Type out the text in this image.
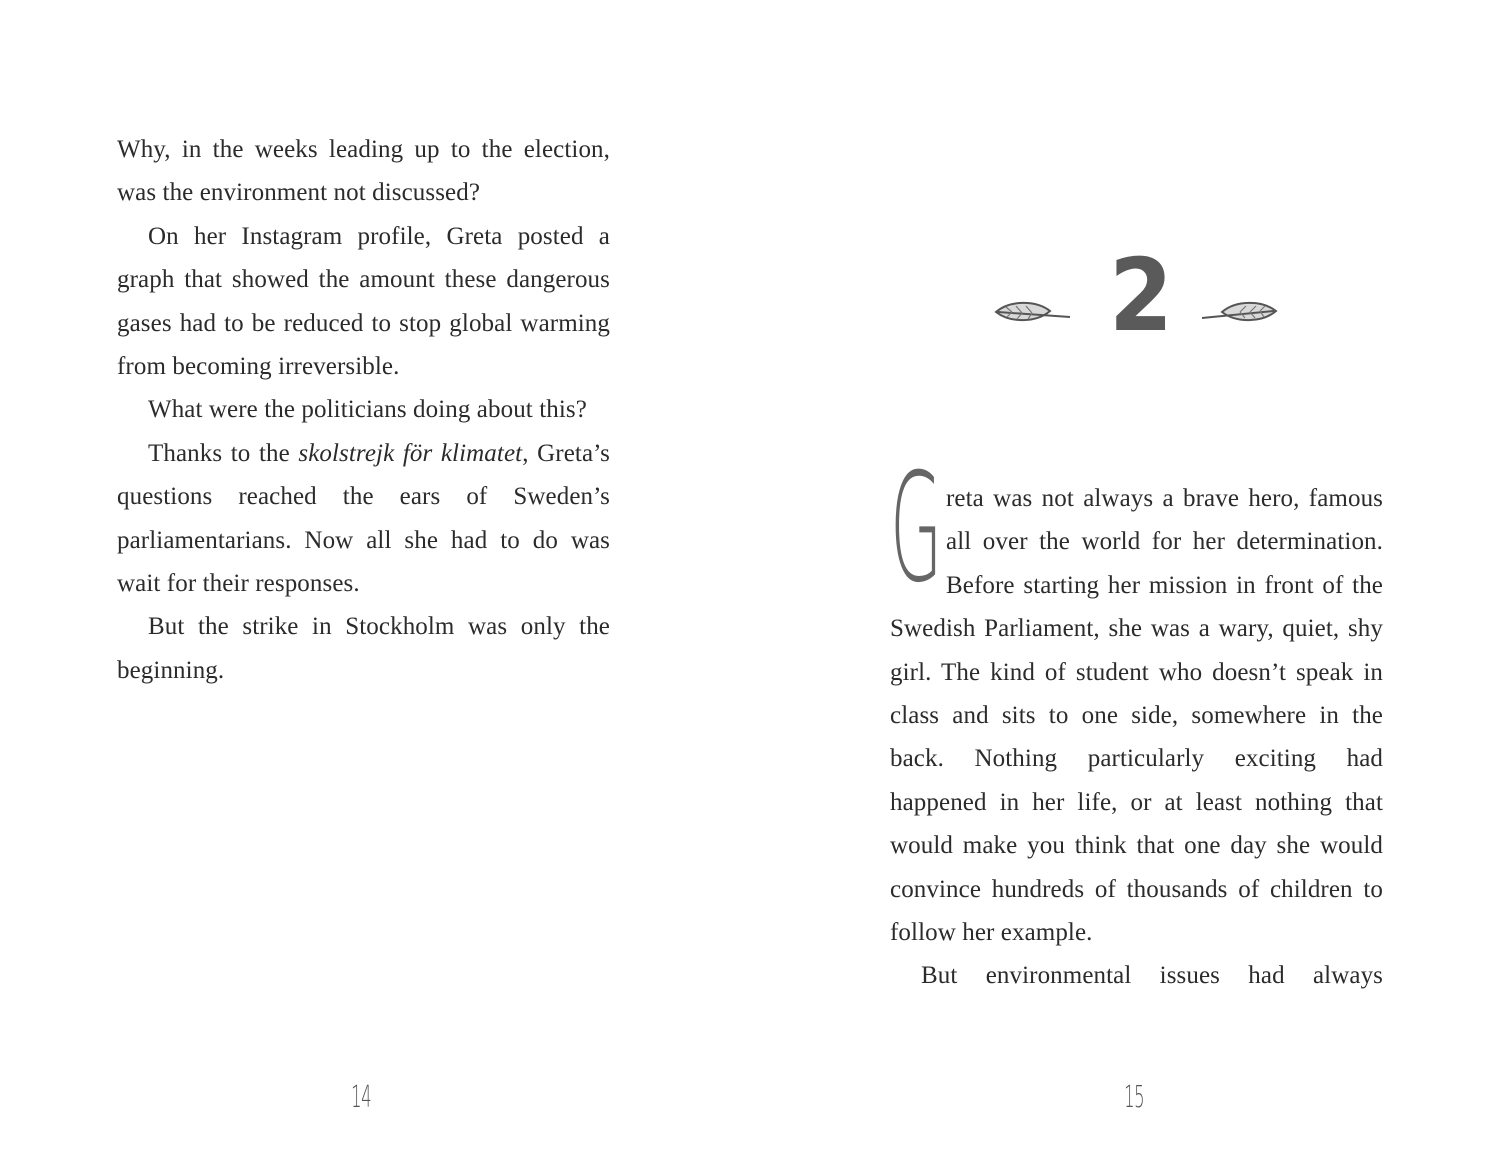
Why, in the weeks leading up to the election, was the environment not discussed?

On her Instagram profile, Greta posted a graph that showed the amount these dangerous gases had to be reduced to stop global warming from becoming irreversible.

What were the politicians doing about this?

Thanks to the skolstrejk för klimatet, Greta’s questions reached the ears of Sweden’s parliamentarians. Now all she had to do was wait for their responses.

But the strike in Stockholm was only the beginning.

14
2

Greta was not always a brave hero, famous all over the world for her determination. Before starting her mission in front of the Swedish Parliament, she was a wary, quiet, shy girl. The kind of student who doesn’t speak in class and sits to one side, somewhere in the back. Nothing particularly exciting had happened in her life, or at least nothing that would make you think that one day she would convince hundreds of thousands of children to follow her example.

But environmental issues had always

15
